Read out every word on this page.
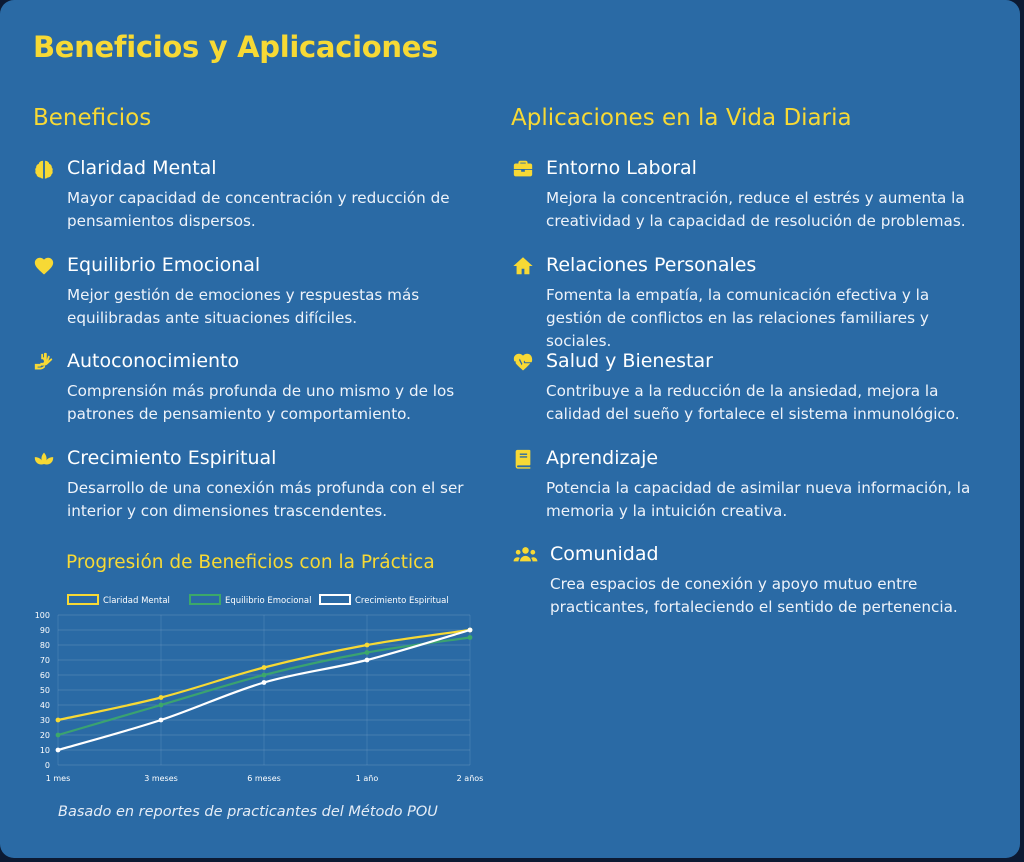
Beneficios y Aplicaciones
Beneficios
Claridad Mental
Mayor capacidad de concentración y reducción de pensamientos dispersos.
Equilibrio Emocional
Mejor gestión de emociones y respuestas más equilibradas ante situaciones difíciles.
Autoconocimiento
Comprensión más profunda de uno mismo y de los patrones de pensamiento y comportamiento.
Crecimiento Espiritual
Desarrollo de una conexión más profunda con el ser interior y con dimensiones trascendentes.
Aplicaciones en la Vida Diaria
Entorno Laboral
Mejora la concentración, reduce el estrés y aumenta la creatividad y la capacidad de resolución de problemas.
Relaciones Personales
Fomenta la empatía, la comunicación efectiva y la gestión de conflictos en las relaciones familiares y sociales.
Salud y Bienestar
Contribuye a la reducción de la ansiedad, mejora la calidad del sueño y fortalece el sistema inmunológico.
Aprendizaje
Potencia la capacidad de asimilar nueva información, la memoria y la intuición creativa.
Comunidad
Crea espacios de conexión y apoyo mutuo entre practicantes, fortaleciendo el sentido de pertenencia.
Progresión de Beneficios con la Práctica
0
10
20
30
40
50
60
70
80
90
100
1 mes	3 meses	6 meses	1 año	2 años
Claridad Mental	Equilibrio Emocional	Crecimiento Espiritual
Basado en reportes de practicantes del Método POU
